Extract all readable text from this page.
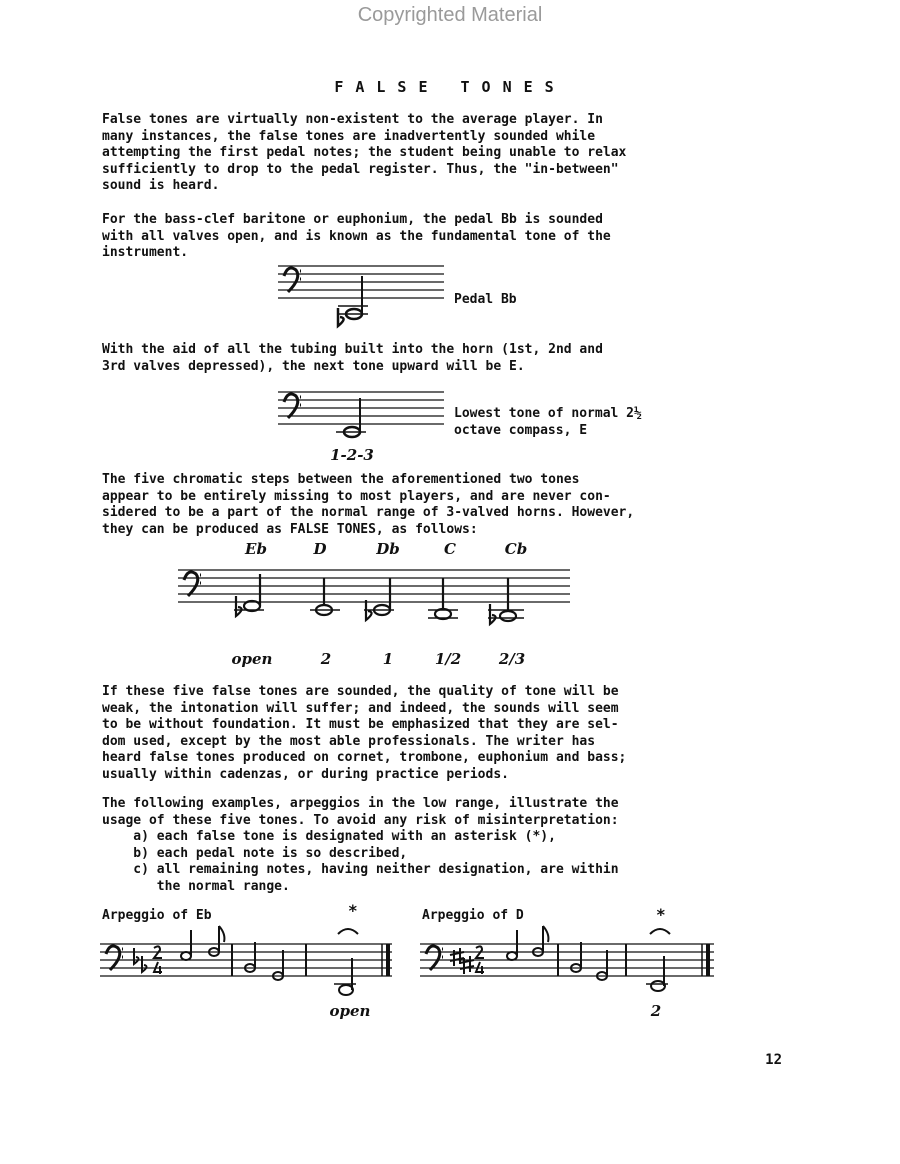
Copyrighted Material
FALSE TONES
False tones are virtually non-existent to the average player. In
many instances, the false tones are inadvertently sounded while
attempting the first pedal notes; the student being unable to relax
sufficiently to drop to the pedal register. Thus, the "in-between"
sound is heard.
For the bass-clef baritone or euphonium, the pedal Bb is sounded
with all valves open, and is known as the fundamental tone of the
instrument.
Pedal Bb
With the aid of all the tubing built into the horn (1st, 2nd and
3rd valves depressed), the next tone upward will be E.
1-2-3
Lowest tone of normal 2½
octave compass, E
The five chromatic steps between the aforementioned two tones
appear to be entirely missing to most players, and are never con-
sidered to be a part of the normal range of 3-valved horns. However,
they can be produced as FALSE TONES, as follows:
Eb	D	Db	C	Cb
open	2	1	1/2	2/3
If these five false tones are sounded, the quality of tone will be
weak, the intonation will suffer; and indeed, the sounds will seem
to be without foundation. It must be emphasized that they are sel-
dom used, except by the most able professionals. The writer has
heard false tones produced on cornet, trombone, euphonium and bass;
usually within cadenzas, or during practice periods.
The following examples, arpeggios in the low range, illustrate the
usage of these five tones. To avoid any risk of misinterpretation:
a) each false tone is designated with an asterisk (*),
b) each pedal note is so described,
c) all remaining notes, having neither designation, are within
the normal range.
Arpeggio of Eb	Arpeggio of D
*	*
open	2
12
